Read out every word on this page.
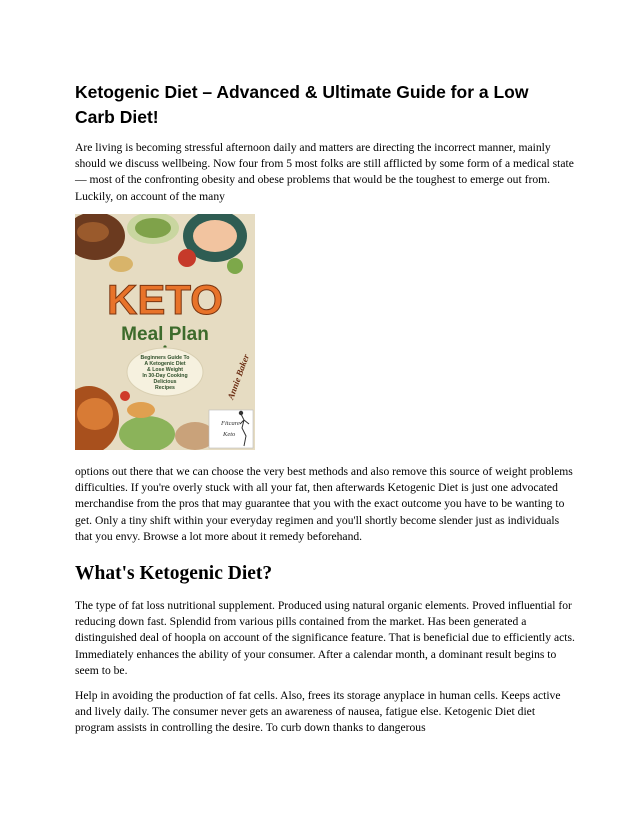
Ketogenic Diet – Advanced & Ultimate Guide for a Low Carb Diet!

Are living is becoming stressful afternoon daily and matters are directing the incorrect manner, mainly should we discuss wellbeing. Now four from 5 most folks are still afflicted by some form of a medical state — most of the confronting obesity and obese problems that would be the toughest to emerge out from. Luckily, on account of the many

KETO
Meal Plan
Beginners Guide To
A Ketogenic Diet
& Lose Weight
In 30-Day Cooking
Delicious
Recipes	Annie Baker
Fitcare
Keto

options out there that we can choose the very best methods and also remove this source of weight problems difficulties. If you're overly stuck with all your fat, then afterwards Ketogenic Diet is just one advocated merchandise from the pros that may guarantee that you with the exact outcome you have to be wanting to get. Only a tiny shift within your everyday regimen and you'll shortly become slender just as individuals that you envy. Browse a lot more about it remedy beforehand.

What's Ketogenic Diet?

The type of fat loss nutritional supplement. Produced using natural organic elements. Proved influential for reducing down fast. Splendid from various pills contained from the market. Has been generated a distinguished deal of hoopla on account of the significance feature. That is beneficial due to efficiently acts. Immediately enhances the ability of your consumer. After a calendar month, a dominant result begins to seem to be.

Help in avoiding the production of fat cells. Also, frees its storage anyplace in human cells. Keeps active and lively daily. The consumer never gets an awareness of nausea, fatigue else. Ketogenic Diet diet program assists in controlling the desire. To curb down thanks to dangerous
